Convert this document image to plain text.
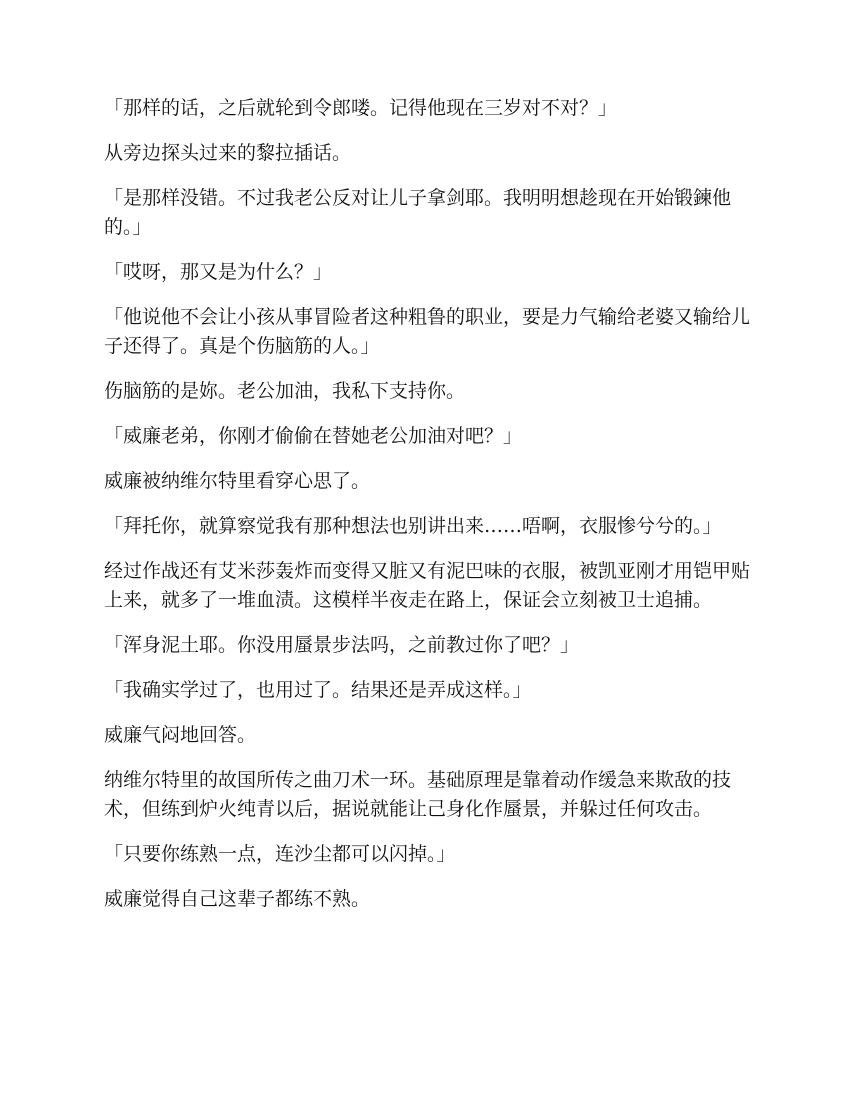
「那样的话，之后就轮到令郎喽。记得他现在三岁对不对？」

从旁边探头过来的黎拉插话。

「是那样没错。不过我老公反对让儿子拿剑耶。我明明想趁现在开始锻鍊他的。」

「哎呀，那又是为什么？」

「他说他不会让小孩从事冒险者这种粗鲁的职业，要是力气输给老婆又输给儿子还得了。真是个伤脑筋的人。」

伤脑筋的是妳。老公加油，我私下支持你。

「威廉老弟，你刚才偷偷在替她老公加油对吧？」

威廉被纳维尔特里看穿心思了。

「拜托你，就算察觉我有那种想法也别讲出来……唔啊，衣服惨兮兮的。」

经过作战还有艾米莎轰炸而变得又脏又有泥巴味的衣服，被凯亚刚才用铠甲贴上来，就多了一堆血渍。这模样半夜走在路上，保证会立刻被卫士追捕。

「浑身泥土耶。你没用蜃景步法吗，之前教过你了吧？」

「我确实学过了，也用过了。结果还是弄成这样。」

威廉气闷地回答。

纳维尔特里的故国所传之曲刀术一环。基础原理是靠着动作缓急来欺敌的技术，但练到炉火纯青以后，据说就能让己身化作蜃景，并躲过任何攻击。

「只要你练熟一点，连沙尘都可以闪掉。」

威廉觉得自己这辈子都练不熟。
